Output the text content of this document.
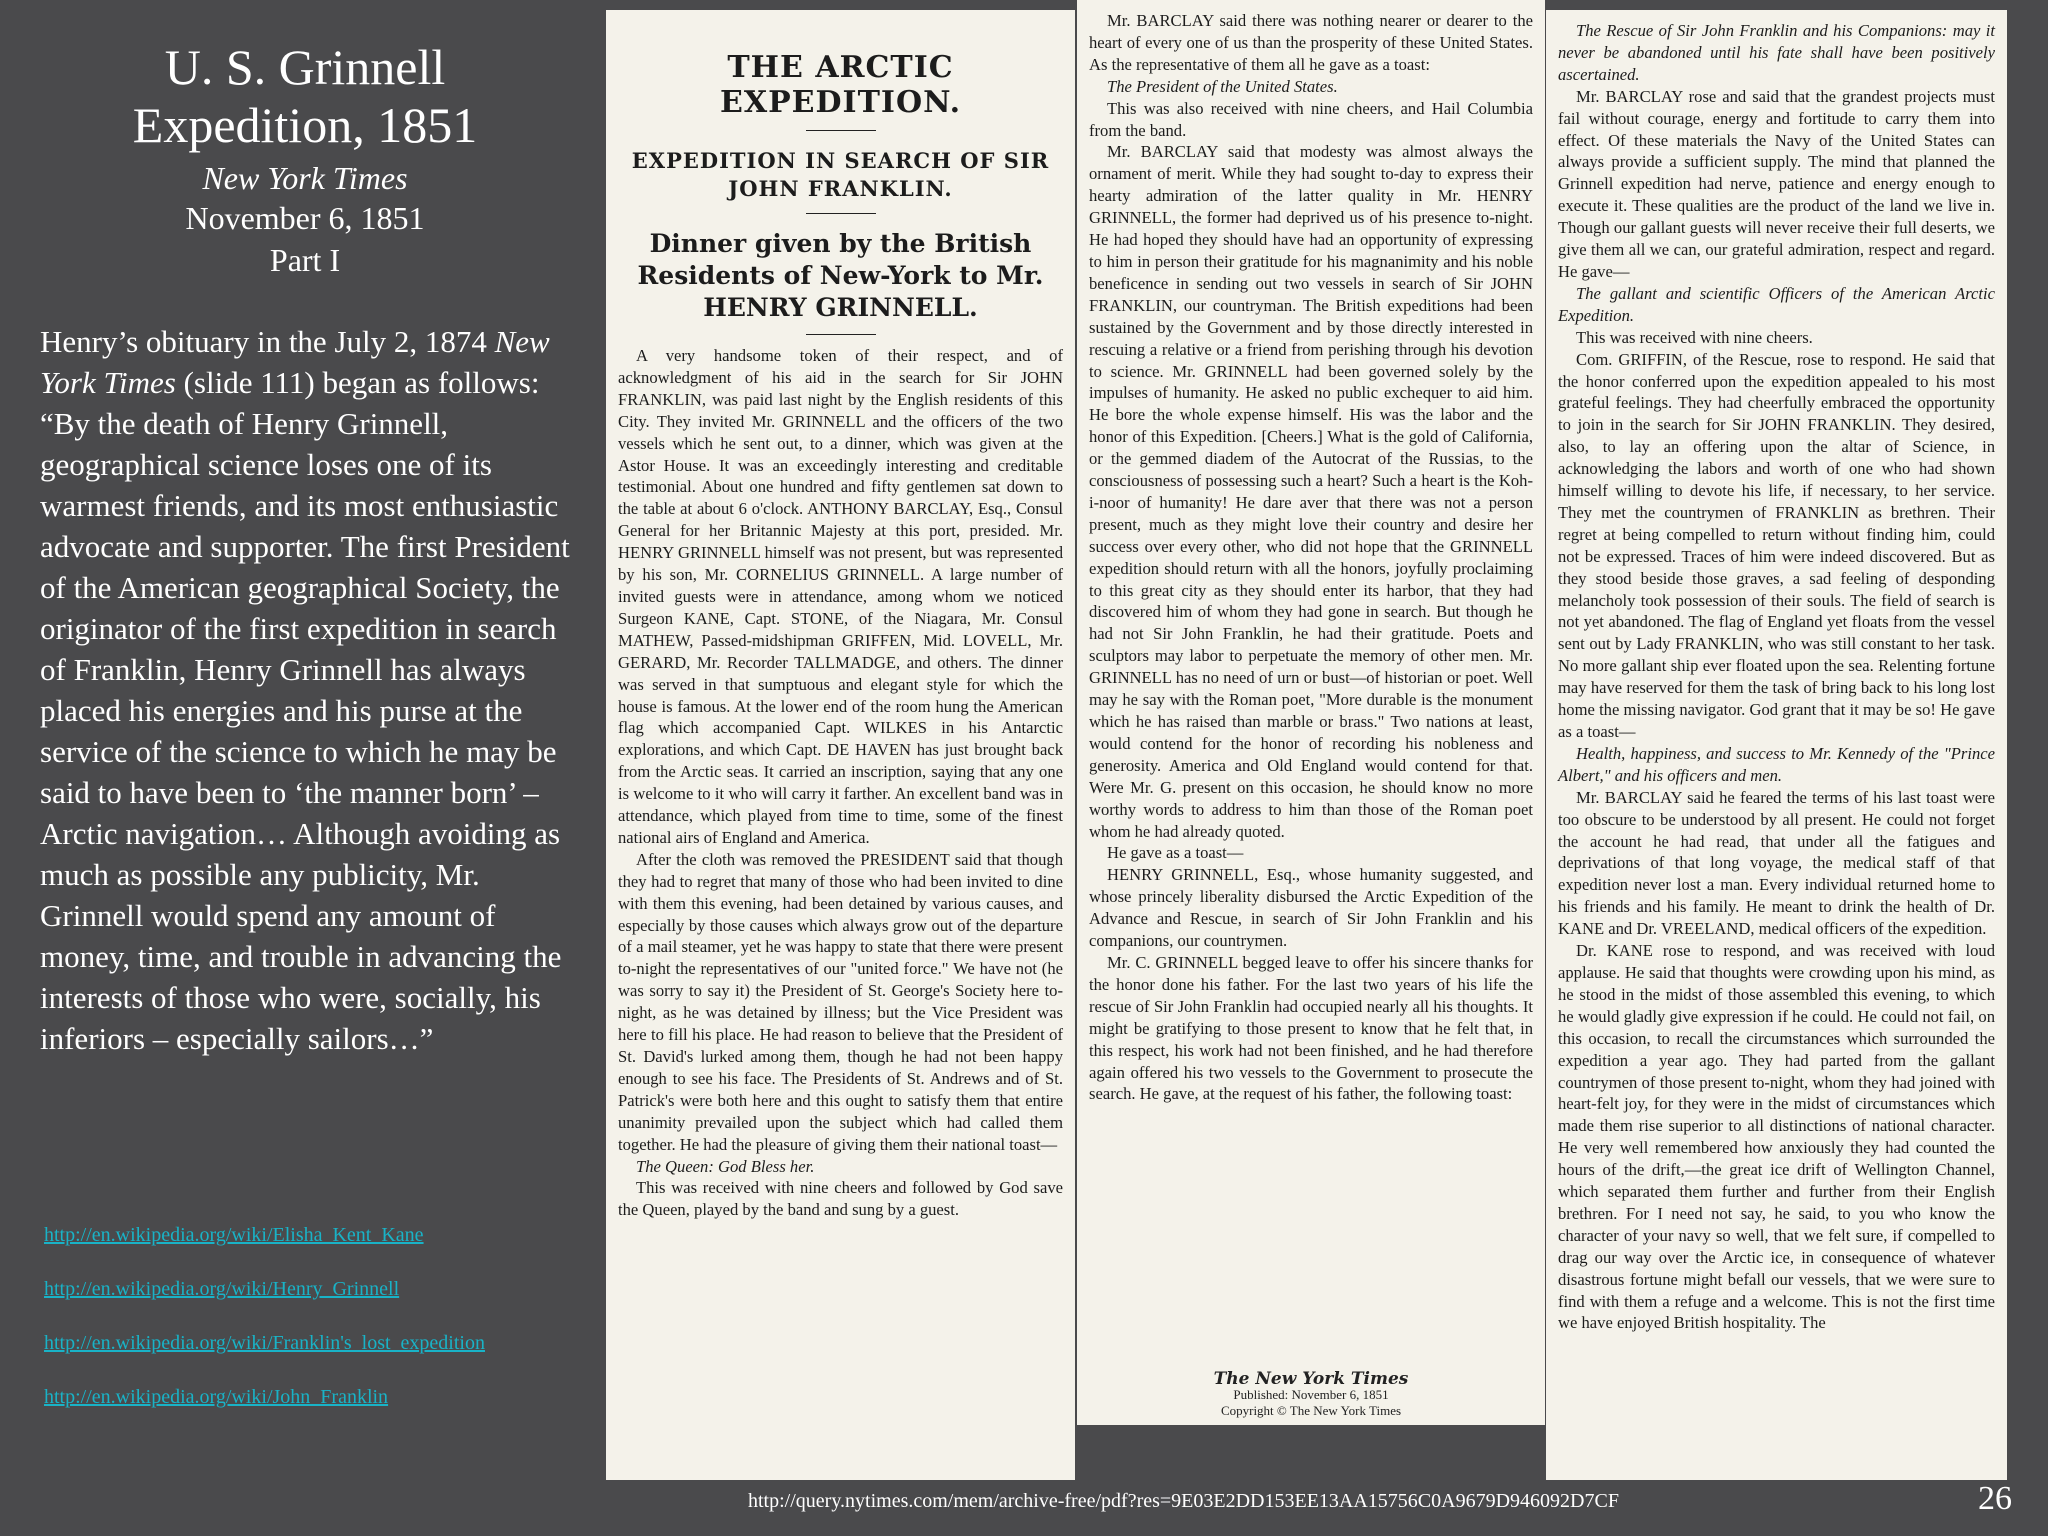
U. S. Grinnell
Expedition, 1851
New York Times
November 6, 1851
Part I
Henry’s obituary in the July 2, 1874 New York Times (slide 111) began as follows: “By the death of Henry Grinnell, geographical science loses one of its warmest friends, and its most enthusiastic advocate and supporter. The first President of the American geographical Society, the originator of the first expedition in search of Franklin, Henry Grinnell has always placed his energies and his purse at the service of the science to which he may be said to have been to ‘the manner born’ – Arctic navigation… Although avoiding as much as possible any publicity, Mr. Grinnell would spend any amount of money, time, and trouble in advancing the interests of those who were, socially, his inferiors – especially sailors…”
http://en.wikipedia.org/wiki/Elisha_Kent_Kane
http://en.wikipedia.org/wiki/Henry_Grinnell
http://en.wikipedia.org/wiki/Franklin's_lost_expedition
http://en.wikipedia.org/wiki/John_Franklin
THE ARCTIC EXPEDITION.
EXPEDITION IN SEARCH OF SIR JOHN FRANKLIN.
Dinner given by the British Residents of New-York to Mr. HENRY GRINNELL.

A very handsome token of their respect, and of acknowledgment of his aid in the search for Sir JOHN FRANKLIN, was paid last night by the English residents of this City. They invited Mr. GRINNELL and the officers of the two vessels which he sent out, to a dinner, which was given at the Astor House. It was an exceedingly interesting and creditable testimonial. About one hundred and fifty gentlemen sat down to the table at about 6 o'clock. ANTHONY BARCLAY, Esq., Consul General for her Britannic Majesty at this port, presided. Mr. HENRY GRINNELL himself was not present, but was represented by his son, Mr. CORNELIUS GRINNELL. A large number of invited guests were in attendance, among whom we noticed Surgeon KANE, Capt. STONE, of the Niagara, Mr. Consul MATHEW, Passed-midshipman GRIFFEN, Mid. LOVELL, Mr. GERARD, Mr. Recorder TALLMADGE, and others. The dinner was served in that sumptuous and elegant style for which the house is famous. At the lower end of the room hung the American flag which accompanied Capt. WILKES in his Antarctic explorations, and which Capt. DE HAVEN has just brought back from the Arctic seas. It carried an inscription, saying that any one is welcome to it who will carry it farther. An excellent band was in attendance, which played from time to time, some of the finest national airs of England and America.

After the cloth was removed the PRESIDENT said that though they had to regret that many of those who had been invited to dine with them this evening, had been detained by various causes, and especially by those causes which always grow out of the departure of a mail steamer, yet he was happy to state that there were present to-night the representatives of our "united force." We have not (he was sorry to say it) the President of St. George's Society here to-night, as he was detained by illness; but the Vice President was here to fill his place. He had reason to believe that the President of St. David's lurked among them, though he had not been happy enough to see his face. The Presidents of St. Andrews and of St. Patrick's were both here and this ought to satisfy them that entire unanimity prevailed upon the subject which had called them together. He had the pleasure of giving them their national toast—

The Queen: God Bless her.

This was received with nine cheers and followed by God save the Queen, played by the band and sung by a guest.

Mr. BARCLAY said there was nothing nearer or dearer to the heart of every one of us than the prosperity of these United States. As the representative of them all he gave as a toast:

The President of the United States.

This was also received with nine cheers, and Hail Columbia from the band.

Mr. BARCLAY said that modesty was almost always the ornament of merit. While they had sought to-day to express their hearty admiration of the latter quality in Mr. HENRY GRINNELL, the former had deprived us of his presence to-night. He had hoped they should have had an opportunity of expressing to him in person their gratitude for his magnanimity and his noble beneficence in sending out two vessels in search of Sir JOHN FRANKLIN, our countryman. The British expeditions had been sustained by the Government and by those directly interested in rescuing a relative or a friend from perishing through his devotion to science. Mr. GRINNELL had been governed solely by the impulses of humanity. He asked no public exchequer to aid him. He bore the whole expense himself. His was the labor and the honor of this Expedition. [Cheers.] What is the gold of California, or the gemmed diadem of the Autocrat of the Russias, to the consciousness of possessing such a heart? Such a heart is the Koh-i-noor of humanity! He dare aver that there was not a person present, much as they might love their country and desire her success over every other, who did not hope that the GRINNELL expedition should return with all the honors, joyfully proclaiming to this great city as they should enter its harbor, that they had discovered him of whom they had gone in search. But though he had not Sir John Franklin, he had their gratitude. Poets and sculptors may labor to perpetuate the memory of other men. Mr. GRINNELL has no need of urn or bust—of historian or poet. Well may he say with the Roman poet, "More durable is the monument which he has raised than marble or brass." Two nations at least, would contend for the honor of recording his nobleness and generosity. America and Old England would contend for that. Were Mr. G. present on this occasion, he should know no more worthy words to address to him than those of the Roman poet whom he had already quoted.

He gave as a toast—

HENRY GRINNELL, Esq., whose humanity suggested, and whose princely liberality disbursed the Arctic Expedition of the Advance and Rescue, in search of Sir John Franklin and his companions, our countrymen.

Mr. C. GRINNELL begged leave to offer his sincere thanks for the honor done his father. For the last two years of his life the rescue of Sir John Franklin had occupied nearly all his thoughts. It might be gratifying to those present to know that he felt that, in this respect, his work had not been finished, and he had therefore again offered his two vessels to the Government to prosecute the search. He gave, at the request of his father, the following toast:

The New York Times
Published: November 6, 1851
Copyright © The New York Times

The Rescue of Sir John Franklin and his Companions: may it never be abandoned until his fate shall have been positively ascertained.

Mr. BARCLAY rose and said that the grandest projects must fail without courage, energy and fortitude to carry them into effect. Of these materials the Navy of the United States can always provide a sufficient supply. The mind that planned the Grinnell expedition had nerve, patience and energy enough to execute it. These qualities are the product of the land we live in. Though our gallant guests will never receive their full deserts, we give them all we can, our grateful admiration, respect and regard. He gave—

The gallant and scientific Officers of the American Arctic Expedition.

This was received with nine cheers.

Com. GRIFFIN, of the Rescue, rose to respond. He said that the honor conferred upon the expedition appealed to his most grateful feelings. They had cheerfully embraced the opportunity to join in the search for Sir JOHN FRANKLIN. They desired, also, to lay an offering upon the altar of Science, in acknowledging the labors and worth of one who had shown himself willing to devote his life, if necessary, to her service. They met the countrymen of FRANKLIN as brethren. Their regret at being compelled to return without finding him, could not be expressed. Traces of him were indeed discovered. But as they stood beside those graves, a sad feeling of desponding melancholy took possession of their souls. The field of search is not yet abandoned. The flag of England yet floats from the vessel sent out by Lady FRANKLIN, who was still constant to her task. No more gallant ship ever floated upon the sea. Relenting fortune may have reserved for them the task of bring back to his long lost home the missing navigator. God grant that it may be so! He gave as a toast—

Health, happiness, and success to Mr. Kennedy of the "Prince Albert," and his officers and men.

Mr. BARCLAY said he feared the terms of his last toast were too obscure to be understood by all present. He could not forget the account he had read, that under all the fatigues and deprivations of that long voyage, the medical staff of that expedition never lost a man. Every individual returned home to his friends and his family. He meant to drink the health of Dr. KANE and Dr. VREELAND, medical officers of the expedition.

Dr. KANE rose to respond, and was received with loud applause. He said that thoughts were crowding upon his mind, as he stood in the midst of those assembled this evening, to which he would gladly give expression if he could. He could not fail, on this occasion, to recall the circumstances which surrounded the expedition a year ago. They had parted from the gallant countrymen of those present to-night, whom they had joined with heart-felt joy, for they were in the midst of circumstances which made them rise superior to all distinctions of national character. He very well remembered how anxiously they had counted the hours of the drift,—the great ice drift of Wellington Channel, which separated them further and further from their English brethren. For I need not say, he said, to you who know the character of your navy so well, that we felt sure, if compelled to drag our way over the Arctic ice, in consequence of whatever disastrous fortune might befall our vessels, that we were sure to find with them a refuge and a welcome. This is not the first time we have enjoyed British hospitality. The

http://query.nytimes.com/mem/archive-free/pdf?res=9E03E2DD153EE13AA15756C0A9679D946092D7CF	26
